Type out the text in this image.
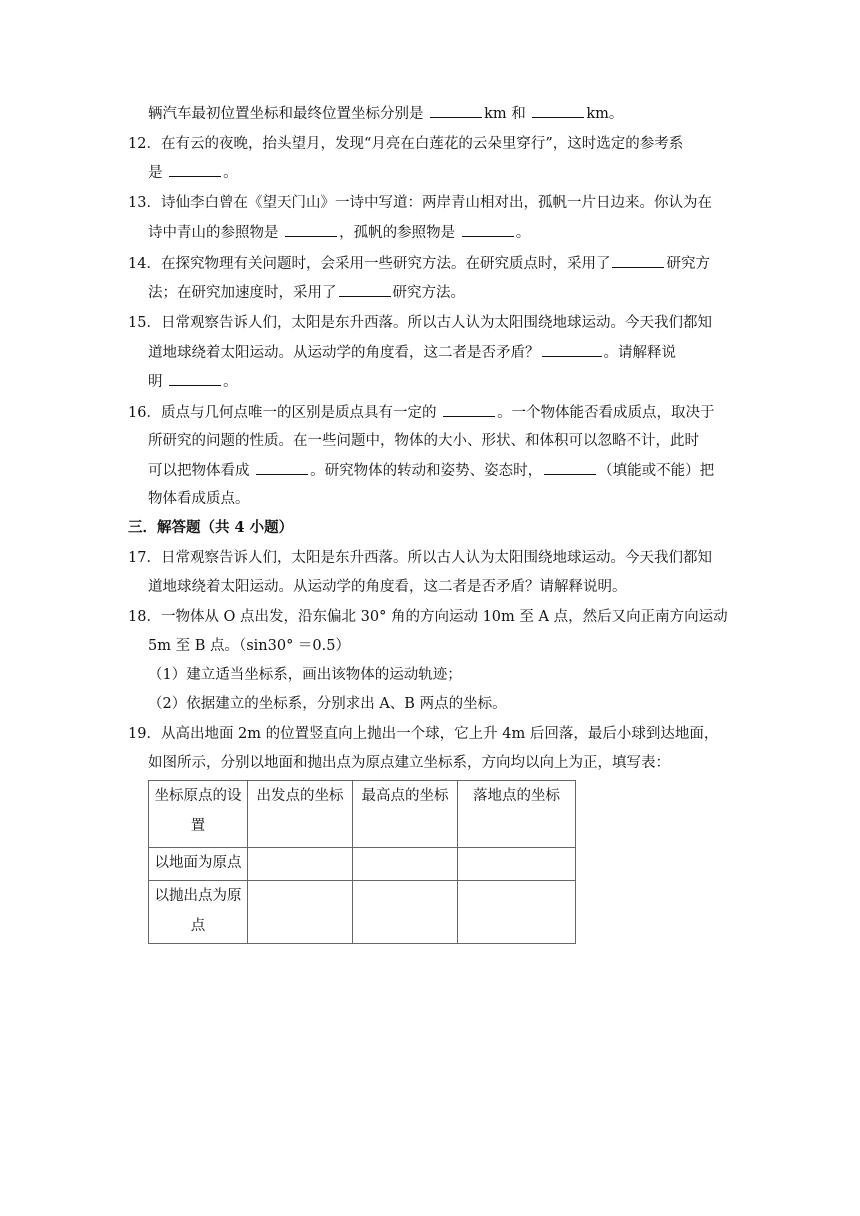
辆汽车最初位置坐标和最终位置坐标分别是	km 和	km。
12．在有云的夜晚，抬头望月，发现“月亮在白莲花的云朵里穿行”，这时选定的参考系
是	。
13．诗仙李白曾在《望天门山》一诗中写道：两岸青山相对出，孤帆一片日边来。你认为在
诗中青山的参照物是	，孤帆的参照物是	。
14．在探究物理有关问题时，会采用一些研究方法。在研究质点时，采用了	研究方
法；在研究加速度时，采用了	研究方法。
15．日常观察告诉人们，太阳是东升西落。所以古人认为太阳围绕地球运动。今天我们都知
道地球绕着太阳运动。从运动学的角度看，这二者是否矛盾？	。请解释说
明	。
16．质点与几何点唯一的区别是质点具有一定的	。一个物体能否看成质点，取决于
所研究的问题的性质。在一些问题中，物体的大小、形状、和体积可以忽略不计，此时
可以把物体看成	。研究物体的转动和姿势、姿态时，	（填能或不能）把
物体看成质点。
三．解答题（共 4 小题）
17．日常观察告诉人们，太阳是东升西落。所以古人认为太阳围绕地球运动。今天我们都知
道地球绕着太阳运动。从运动学的角度看，这二者是否矛盾？请解释说明。
18．一物体从 O 点出发，沿东偏北 30° 角的方向运动 10m 至 A 点，然后又向正南方向运动
5m 至 B 点。（sin30° ＝0.5）
（1）建立适当坐标系，画出该物体的运动轨迹；
（2）依据建立的坐标系，分别求出 A、B 两点的坐标。
19．从高出地面 2m 的位置竖直向上抛出一个球，它上升 4m 后回落，最后小球到达地面，
如图所示，分别以地面和抛出点为原点建立坐标系，方向均以向上为正，填写表：
坐标原点的设置	出发点的坐标	最高点的坐标	落地点的坐标
以地面为原点			
以抛出点为原点			
